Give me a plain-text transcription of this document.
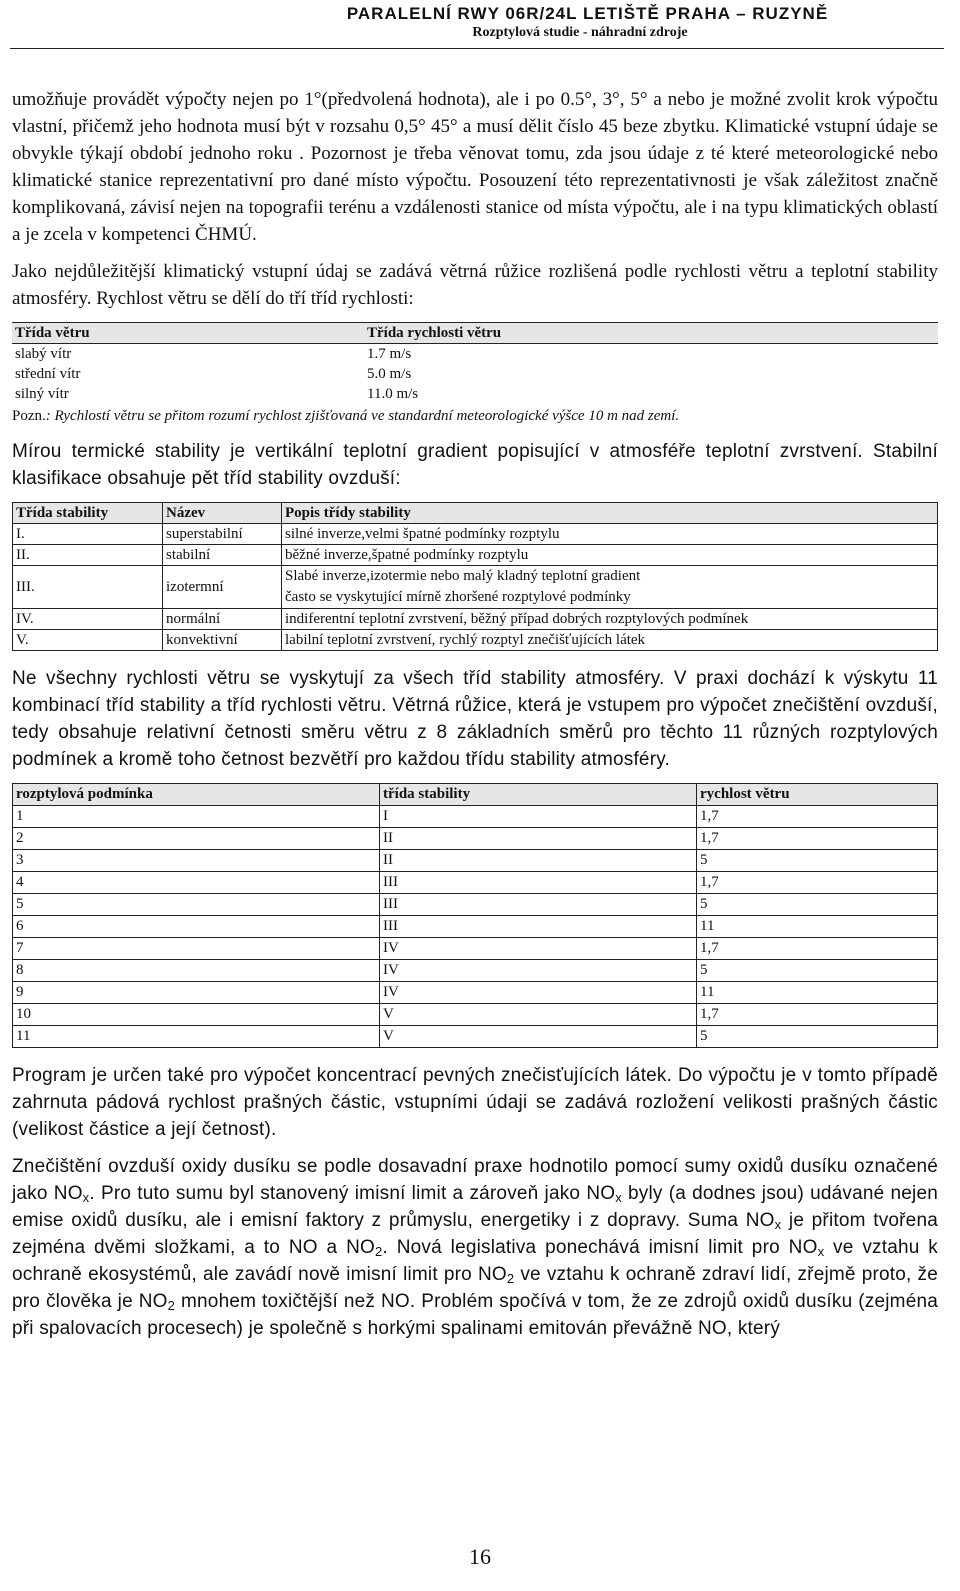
PARALELNÍ RWY 06R/24L LETIŠTĚ PRAHA – RUZYNĚ
Rozptylová studie - náhradní zdroje

umožňuje provádět výpočty nejen po 1°(předvolená hodnota), ale i po 0.5°, 3°, 5° a nebo je možné zvolit krok výpočtu vlastní, přičemž jeho hodnota musí být v rozsahu 0,5° 45° a musí dělit číslo 45 beze zbytku. Klimatické vstupní údaje se obvykle týkají období jednoho roku . Pozornost je třeba věnovat tomu, zda jsou údaje z té které meteorologické nebo klimatické stanice reprezentativní pro dané místo výpočtu. Posouzení této reprezentativnosti je však záležitost značně komplikovaná, závisí nejen na topografii terénu a vzdálenosti stanice od místa výpočtu, ale i na typu klimatických oblastí a je zcela v kompetenci ČHMÚ.

Jako nejdůležitější klimatický vstupní údaj se zadává větrná růžice rozlišená podle rychlosti větru a teplotní stability atmosféry. Rychlost větru se dělí do tří tříd rychlosti:

Třída větru	Třída rychlosti větru
slabý vítr	1.7 m/s
střední vítr	5.0 m/s
silný vítr	11.0 m/s
Pozn.: Rychlostí větru se přitom rozumí rychlost zjišťovaná ve standardní meteorologické výšce 10 m nad zemí.

Mírou termické stability je vertikální teplotní gradient popisující v atmosféře teplotní zvrstvení. Stabilní klasifikace obsahuje pět tříd stability ovzduší:

Třída stability	Název	Popis třídy stability
I.	superstabilní	silné inverze,velmi špatné podmínky rozptylu
II.	stabilní	běžné inverze,špatné podmínky rozptylu
III.	izotermní	Slabé inverze,izotermie nebo malý kladný teplotní gradient
často se vyskytující mírně zhoršené rozptylové podmínky

IV.	normální	indiferentní teplotní zvrstvení, běžný případ dobrých rozptylových podmínek
V.	konvektivní	labilní teplotní zvrstvení, rychlý rozptyl znečišťujících látek

Ne všechny rychlosti větru se vyskytují za všech tříd stability atmosféry. V praxi dochází k výskytu 11 kombinací tříd stability a tříd rychlosti větru. Větrná růžice, která je vstupem pro výpočet znečištění ovzduší, tedy obsahuje relativní četnosti směru větru z 8 základních směrů pro těchto 11 různých rozptylových podmínek a kromě toho četnost bezvětří pro každou třídu stability atmosféry.

rozptylová podmínka	třída stability	rychlost větru
1	I	1,7
2	II	1,7
3	II	5
4	III	1,7
5	III	5
6	III	11
7	IV	1,7
8	IV	5
9	IV	11
10	V	1,7
11	V	5

Program je určen také pro výpočet koncentrací pevných znečisťujících látek. Do výpočtu je v tomto případě zahrnuta pádová rychlost prašných částic, vstupními údaji se zadává rozložení velikosti prašných částic (velikost částice a její četnost).

Znečištění ovzduší oxidy dusíku se podle dosavadní praxe hodnotilo pomocí sumy oxidů dusíku označené jako $NO_x$. Pro tuto sumu byl stanovený imisní limit a zároveň jako $NO_x$ byly (a dodnes jsou) udávané nejen emise oxidů dusíku, ale i emisní faktory z průmyslu, energetiky i z dopravy. Suma $NO_x$ je přitom tvořena zejména dvěmi složkami, a to NO a $NO_2$. Nová legislativa ponechává imisní limit pro $NO_x$ ve vztahu k ochraně ekosystémů, ale zavádí nově imisní limit pro $NO_2$ ve vztahu k ochraně zdraví lidí, zřejmě proto, že pro člověka je $NO_2$ mnohem toxičtější než NO. Problém spočívá v tom, že ze zdrojů oxidů dusíku (zejména při spalovacích procesech) je společně s horkými spalinami emitován převážně NO, který

16
